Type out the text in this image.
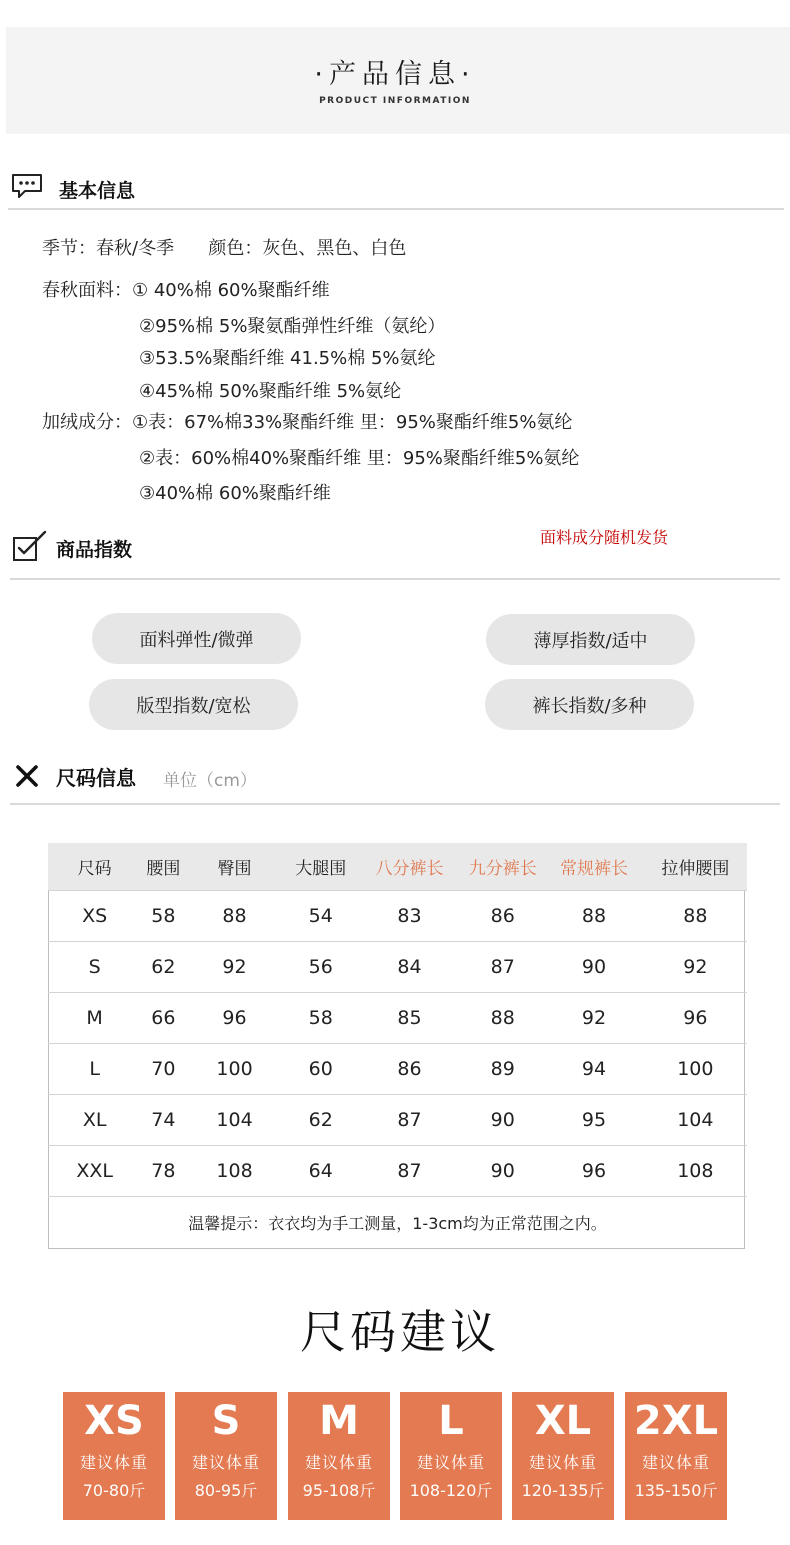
·产品信息·
PRODUCT INFORMATION
基本信息
季节：春秋/冬季      颜色：灰色、黑色、白色
春秋面料：① 40%棉 60%聚酯纤维
②95%棉 5%聚氨酯弹性纤维（氨纶）
③53.5%聚酯纤维 41.5%棉 5%氨纶
④45%棉 50%聚酯纤维 5%氨纶
加绒成分：①表：67%棉33%聚酯纤维 里：95%聚酯纤维5%氨纶
②表：60%棉40%聚酯纤维 里：95%聚酯纤维5%氨纶
③40%棉 60%聚酯纤维
商品指数
面料成分随机发货
面料弹性/微弹	薄厚指数/适中
版型指数/宽松	裤长指数/多种
尺码信息 单位（cm）
尺码	腰围	臀围	大腿围	八分裤长	九分裤长	常规裤长	拉伸腰围
XS	58	88	54	83	86	88	88
S	62	92	56	84	87	90	92
M	66	96	58	85	88	92	96
L	70	100	60	86	89	94	100
XL	74	104	62	87	90	95	104
XXL	78	108	64	87	90	96	108
温馨提示：衣衣均为手工测量，1-3cm均为正常范围之内。							
尺码建议
XS
建议体重
70-80斤
S
建议体重
80-95斤
M
建议体重
95-108斤
L
建议体重
108-120斤
XL
建议体重
120-135斤
2XL
建议体重
135-150斤
